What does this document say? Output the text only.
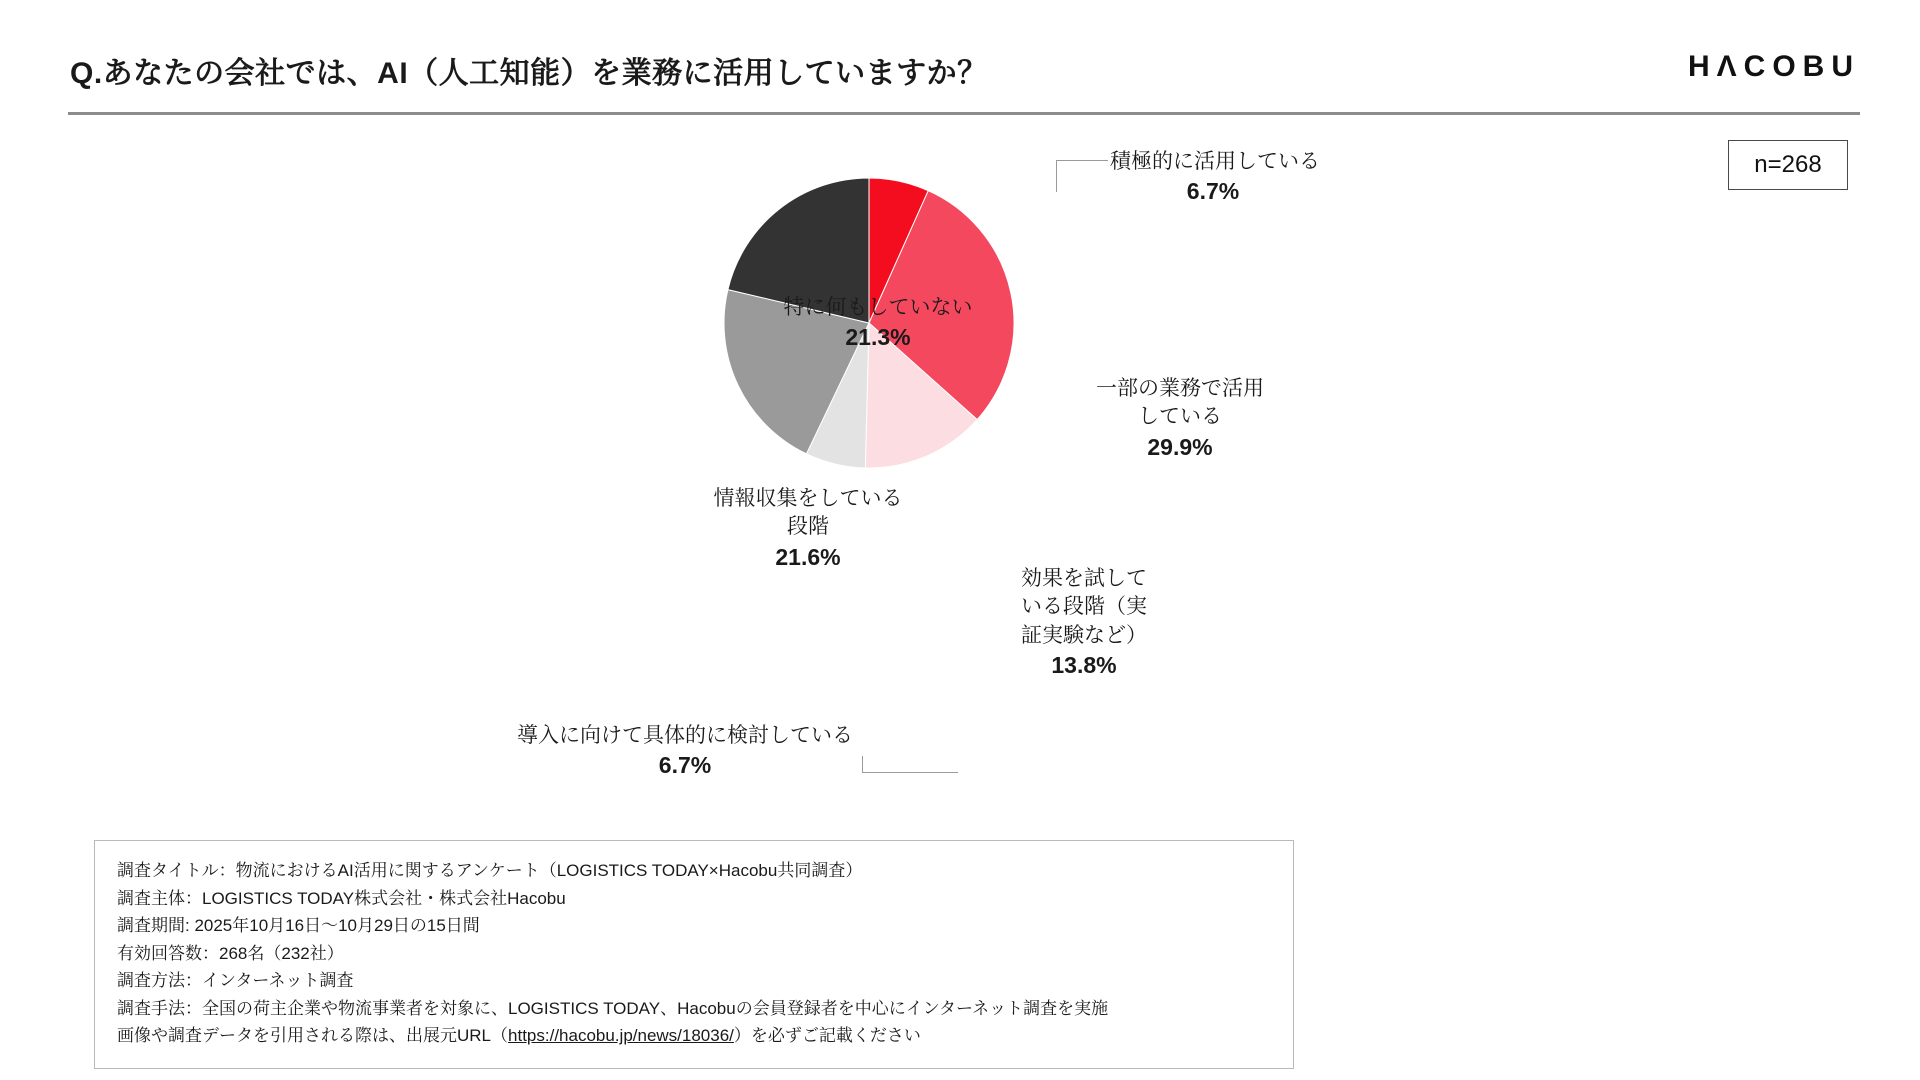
Q.あなたの会社では、AI（人工知能）を業務に活用していますか？	HΛCOBU
n=268
積極的に活用している
6.7%
一部の業務で活用
している
29.9%
効果を試して
いる段階（実
証実験など）
13.8%
導入に向けて具体的に検討している
6.7%
情報収集をしている
段階
21.6%
特に何もしていない
21.3%
調査タイトル：物流におけるAI活用に関するアンケート（LOGISTICS TODAY×Hacobu共同調査）
調査主体：LOGISTICS TODAY株式会社・株式会社Hacobu
調査期間: 2025年10月16日〜10月29日の15日間
有効回答数：268名（232社）
調査方法：インターネット調査
調査手法：全国の荷主企業や物流事業者を対象に、LOGISTICS TODAY、Hacobuの会員登録者を中心にインターネット調査を実施
画像や調査データを引用される際は、出展元URL（https://hacobu.jp/news/18036/）を必ずご記載ください
